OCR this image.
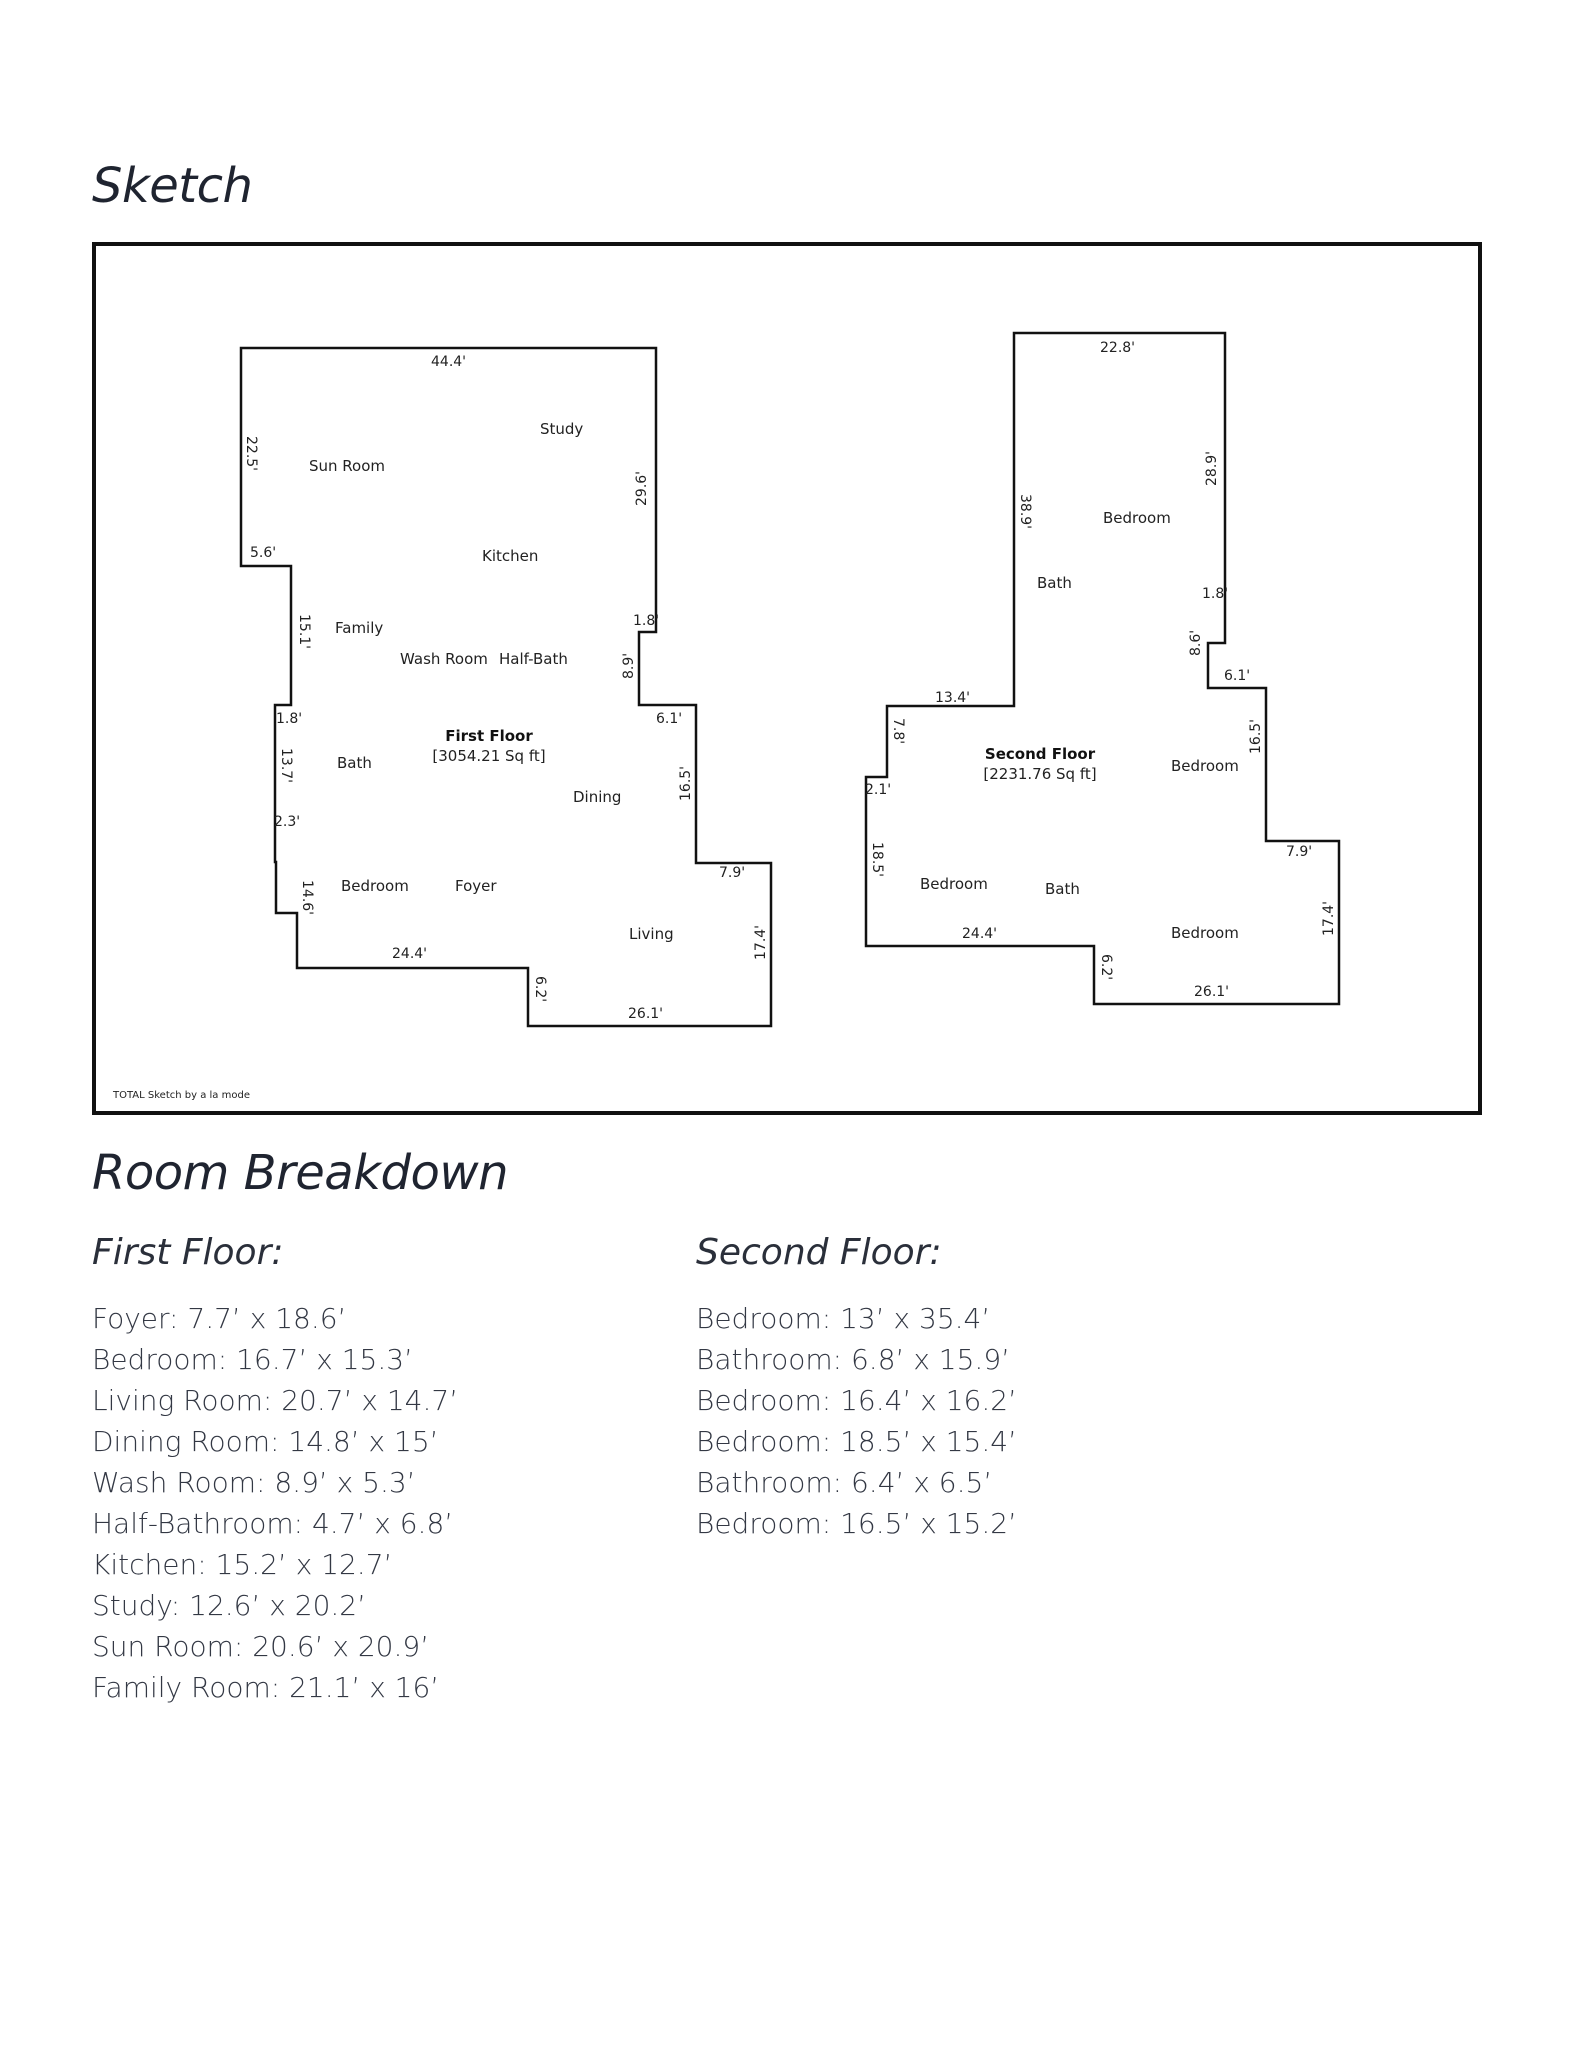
Sketch
Sun Room
Study
Kitchen
Family
Wash Room Half-Bath
Bath
Dining
Bedroom	Foyer
Living
First Floor
[3054.21 Sq ft]
44.4'
22.5'
29.6'
5.6'
15.1'	1.8'
8.9'
1.8'	6.1'
13.7'
16.5'
2.3'
7.9'
14.6'
17.4'
24.4'
6.2'
26.1'
Bedroom
Bath
Bedroom
Bedroom	Bath
Bedroom
Second Floor
[2231.76 Sq ft]
22.8'
28.9'
38.9'
1.8'
8.6'
13.4'
6.1'
7.8'	16.5'
2.1'
7.9'
18.5'
17.4'
24.4'
6.2'
26.1'
TOTAL Sketch by a la mode
Room Breakdown
First Floor:	Second Floor:
Foyer: 7.7’ x 18.6’
Bedroom: 16.7’ x 15.3’
Living Room: 20.7’ x 14.7’
Dining Room: 14.8’ x 15’
Wash Room: 8.9’ x 5.3’
Half-Bathroom: 4.7’ x 6.8’
Kitchen: 15.2’ x 12.7’
Study: 12.6’ x 20.2’
Sun Room: 20.6’ x 20.9’
Family Room: 21.1’ x 16’
Bedroom: 13’ x 35.4’
Bathroom: 6.8’ x 15.9’
Bedroom: 16.4’ x 16.2’
Bedroom: 18.5’ x 15.4’
Bathroom: 6.4’ x 6.5’
Bedroom: 16.5’ x 15.2’
